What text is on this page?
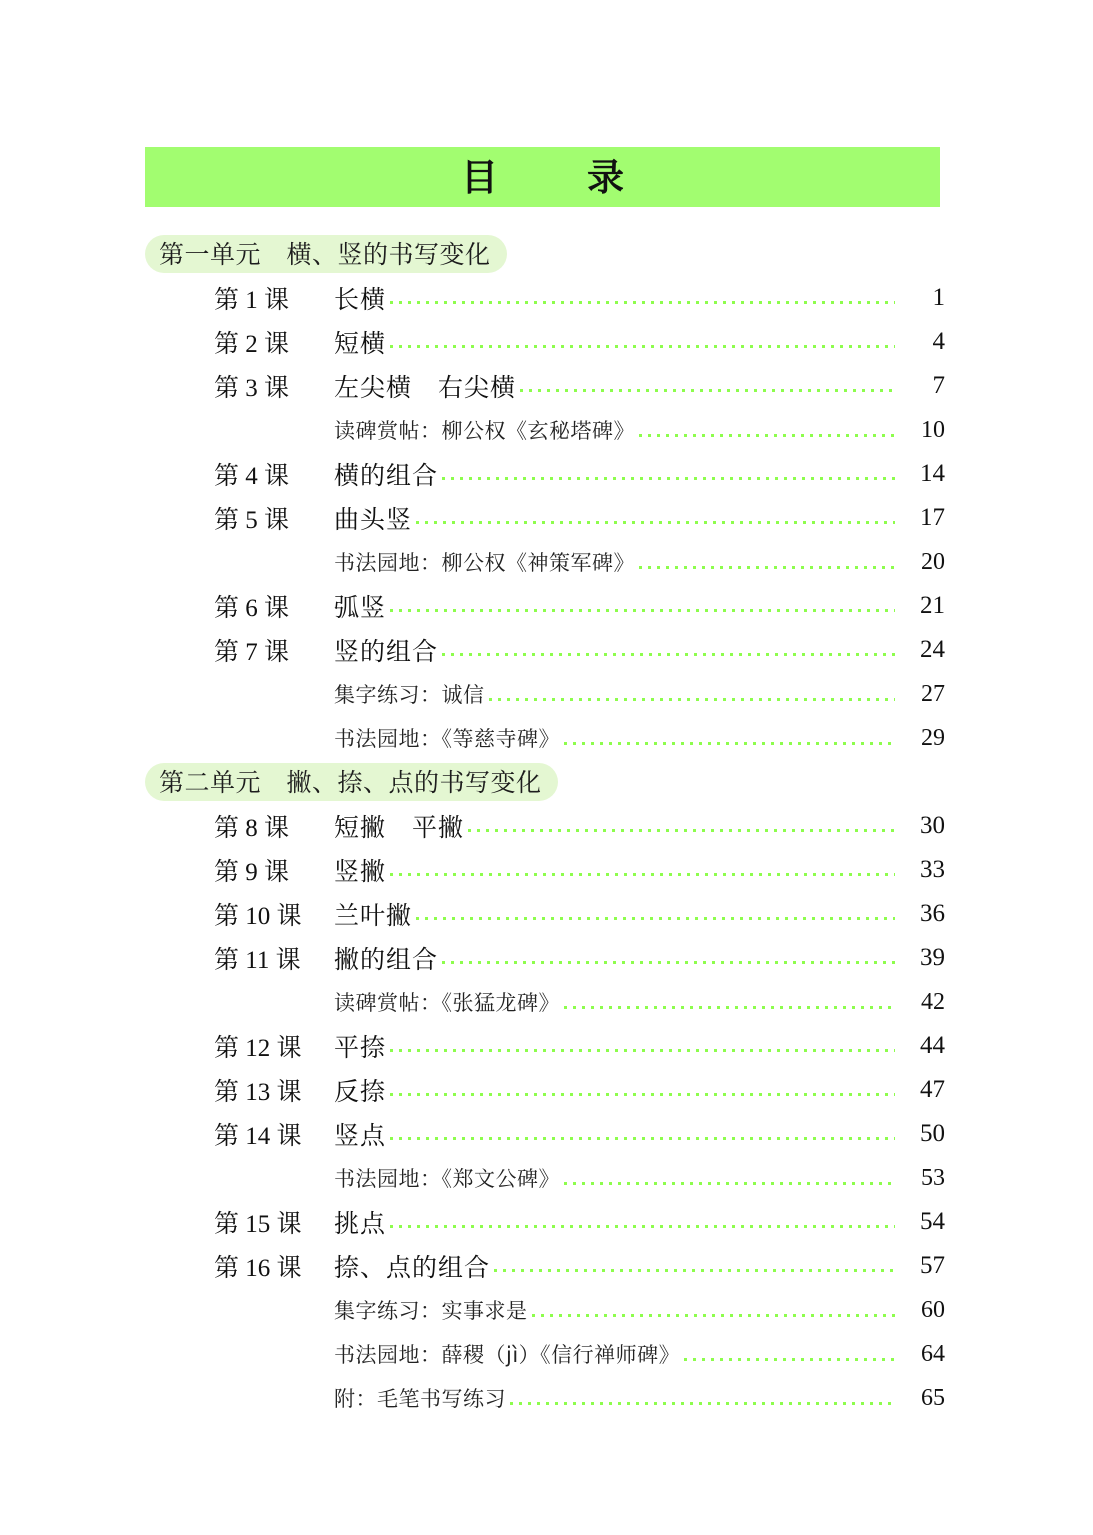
目　录
第一单元　横、竖的书写变化
第 1 课	长横	1
第 2 课	短横	4
第 3 课	左尖横　右尖横	7
读碑赏帖：柳公权《玄秘塔碑》	10
第 4 课	横的组合	14
第 5 课	曲头竖	17
书法园地：柳公权《神策军碑》	20
第 6 课	弧竖	21
第 7 课	竖的组合	24
集字练习：诚信	27
书法园地：《等慈寺碑》	29
第二单元　撇、捺、点的书写变化
第 8 课	短撇　平撇	30
第 9 课	竖撇	33
第 10 课	兰叶撇	36
第 11 课	撇的组合	39
读碑赏帖：《张猛龙碑》	42
第 12 课	平捺	44
第 13 课	反捺	47
第 14 课	竖点	50
书法园地：《郑文公碑》	53
第 15 课	挑点	54
第 16 课	捺、点的组合	57
集字练习：实事求是	60
书法园地：薛稷（jì）《信行禅师碑》	64
附：毛笔书写练习	65
